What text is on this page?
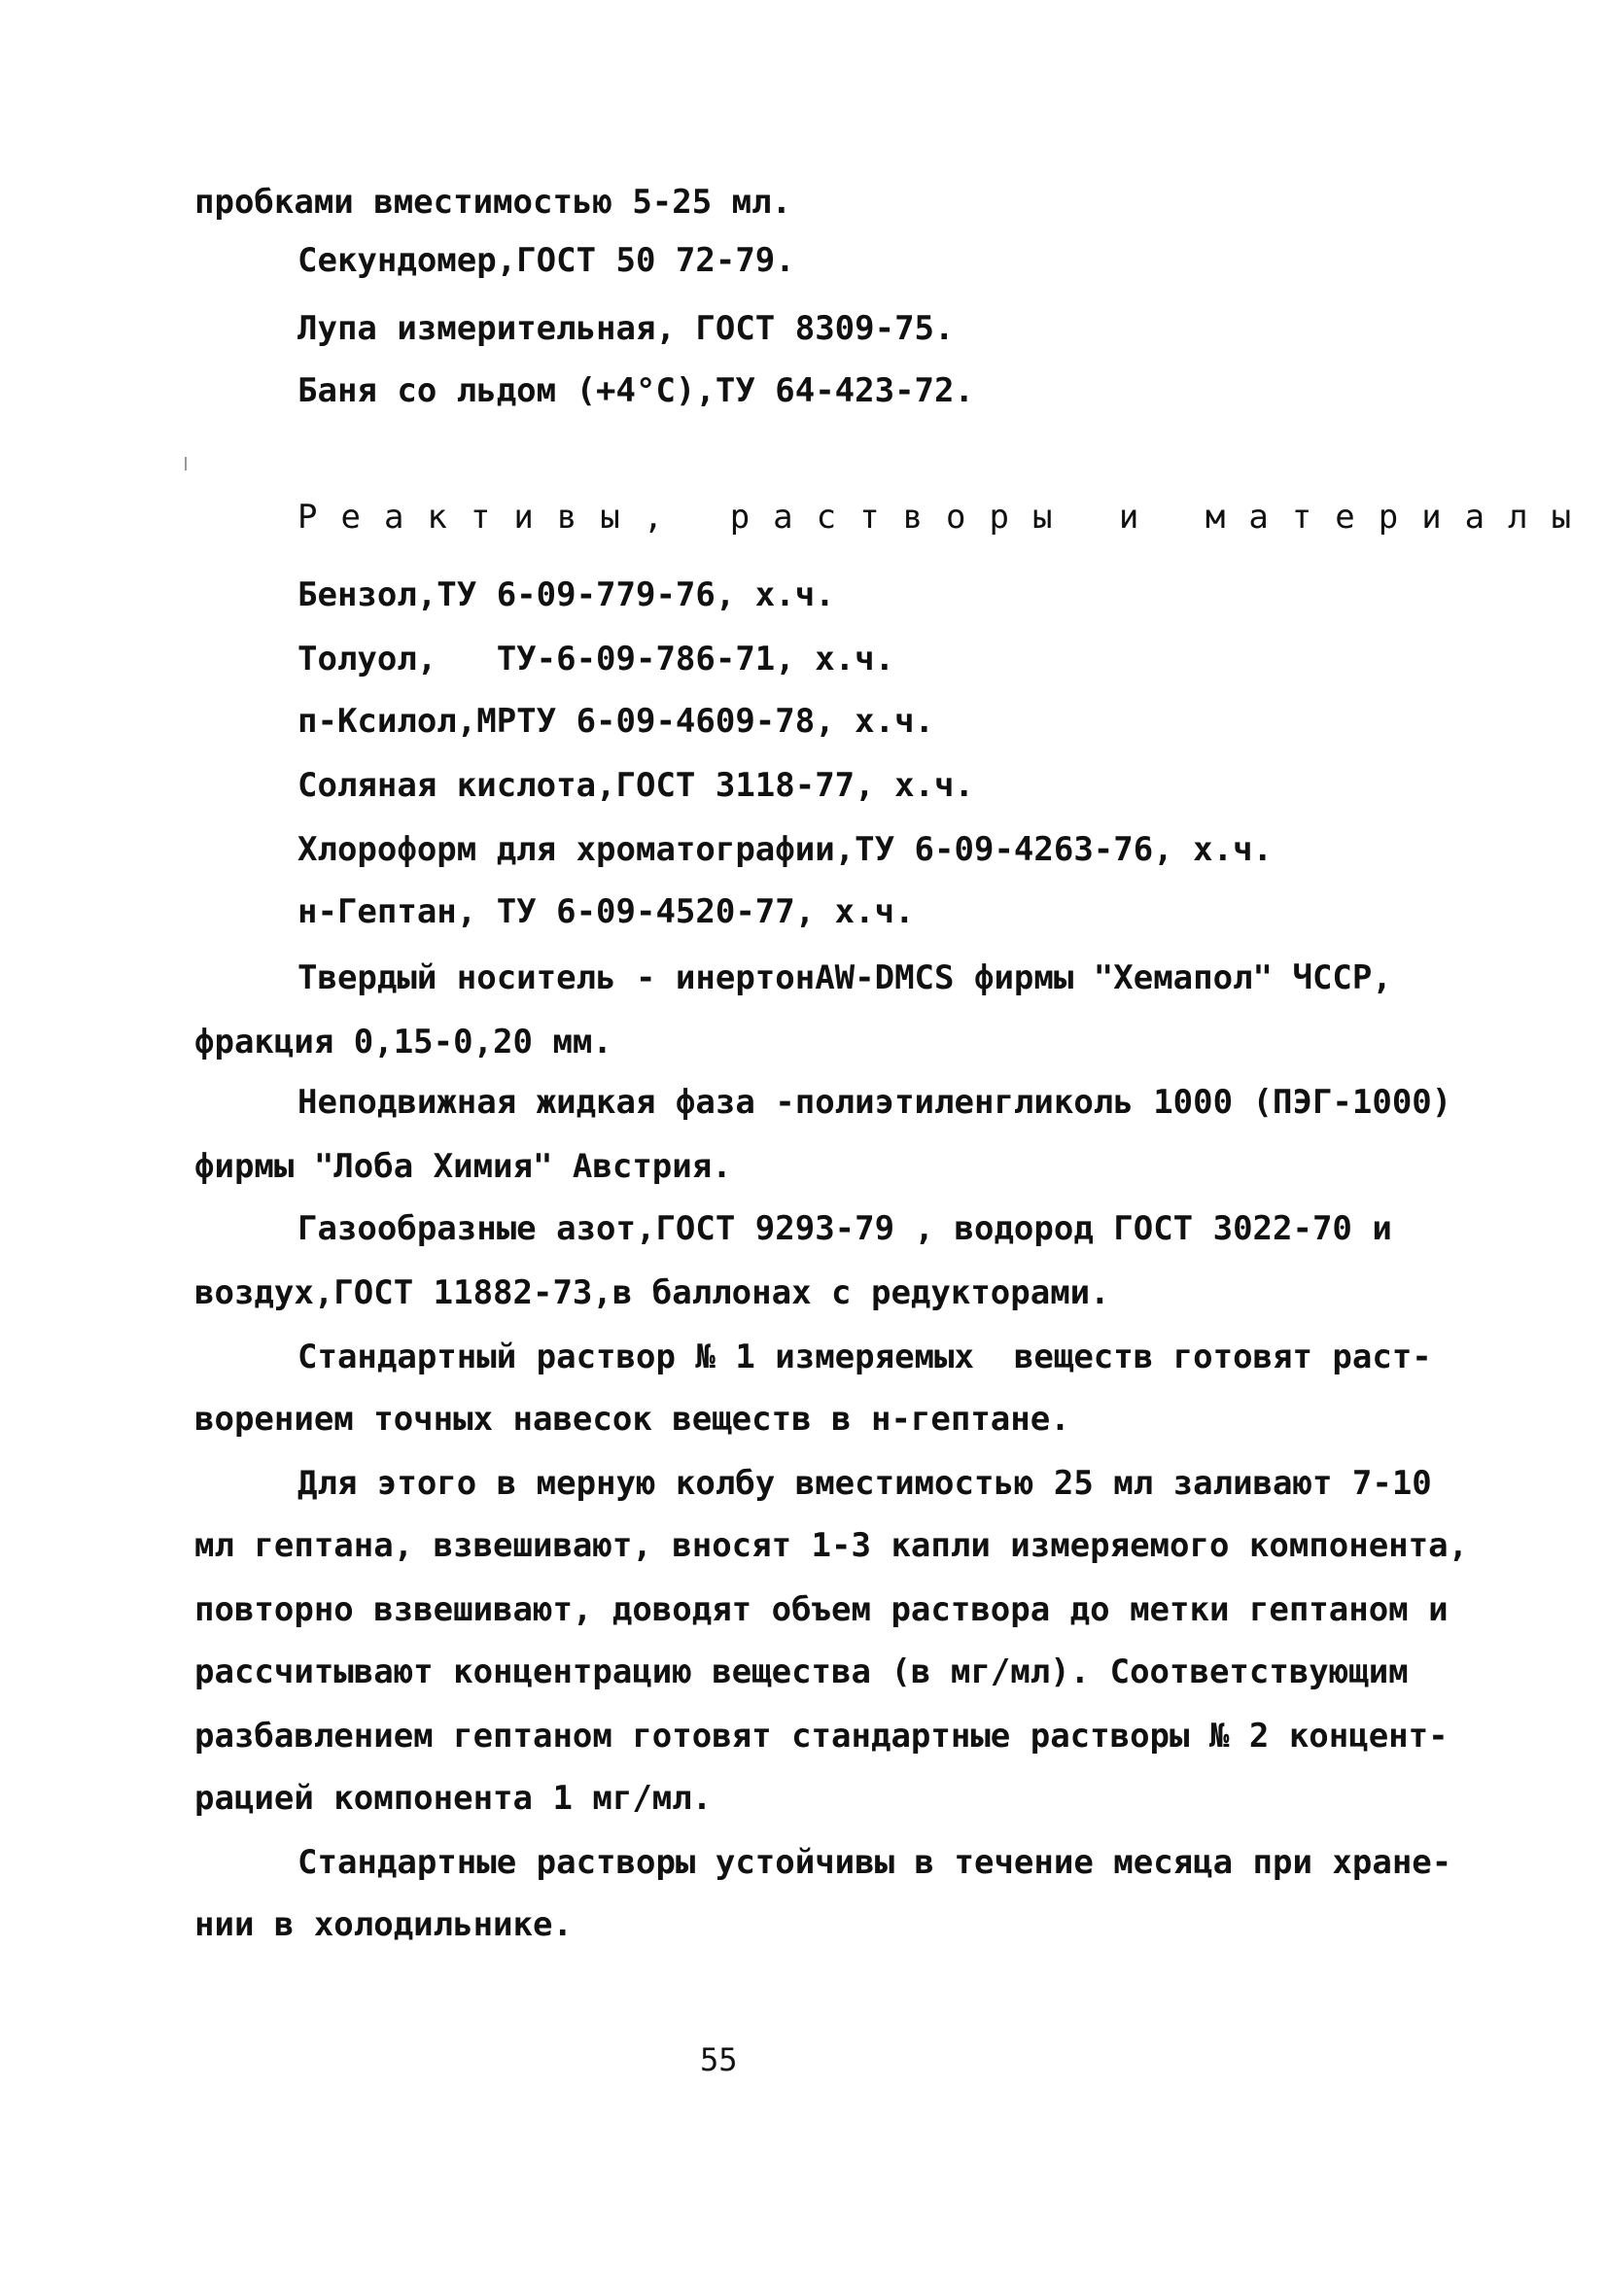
пробками вместимостью 5-25 мл.
Секундомер,ГОСТ 50 72-79.
Лупа измерительная, ГОСТ 8309-75.
Баня со льдом (+4°С),ТУ 64-423-72.
Реактивы, растворы и материалы
Бензол,ТУ 6-09-779-76, х.ч.
Толуол,   ТУ-6-09-786-71, х.ч.
п-Ксилол,МРТУ 6-09-4609-78, х.ч.
Соляная кислота,ГОСТ 3118-77, х.ч.
Хлороформ для хроматографии,ТУ 6-09-4263-76, х.ч.
н-Гептан, ТУ 6-09-4520-77, х.ч.
Твердый носитель - инертонAW-DMCS фирмы "Хемапол" ЧССР,
фракция 0,15-0,20 мм.
Неподвижная жидкая фаза -полиэтиленгликоль 1000 (ПЭГ-1000)
фирмы "Лоба Химия" Австрия.
Газообразные азот,ГОСТ 9293-79 , водород ГОСТ 3022-70 и
воздух,ГОСТ 11882-73,в баллонах с редукторами.
Стандартный раствор № 1 измеряемых  веществ готовят раст-
ворением точных навесок веществ в н-гептане.
Для этого в мерную колбу вместимостью 25 мл заливают 7-10
мл гептана, взвешивают, вносят 1-3 капли измеряемого компонента,
повторно взвешивают, доводят объем раствора до метки гептаном и
рассчитывают концентрацию вещества (в мг/мл). Соответствующим
разбавлением гептаном готовят стандартные растворы № 2 концент-
рацией компонента 1 мг/мл.
Стандартные растворы устойчивы в течение месяца при хране-
нии в холодильнике.
55
